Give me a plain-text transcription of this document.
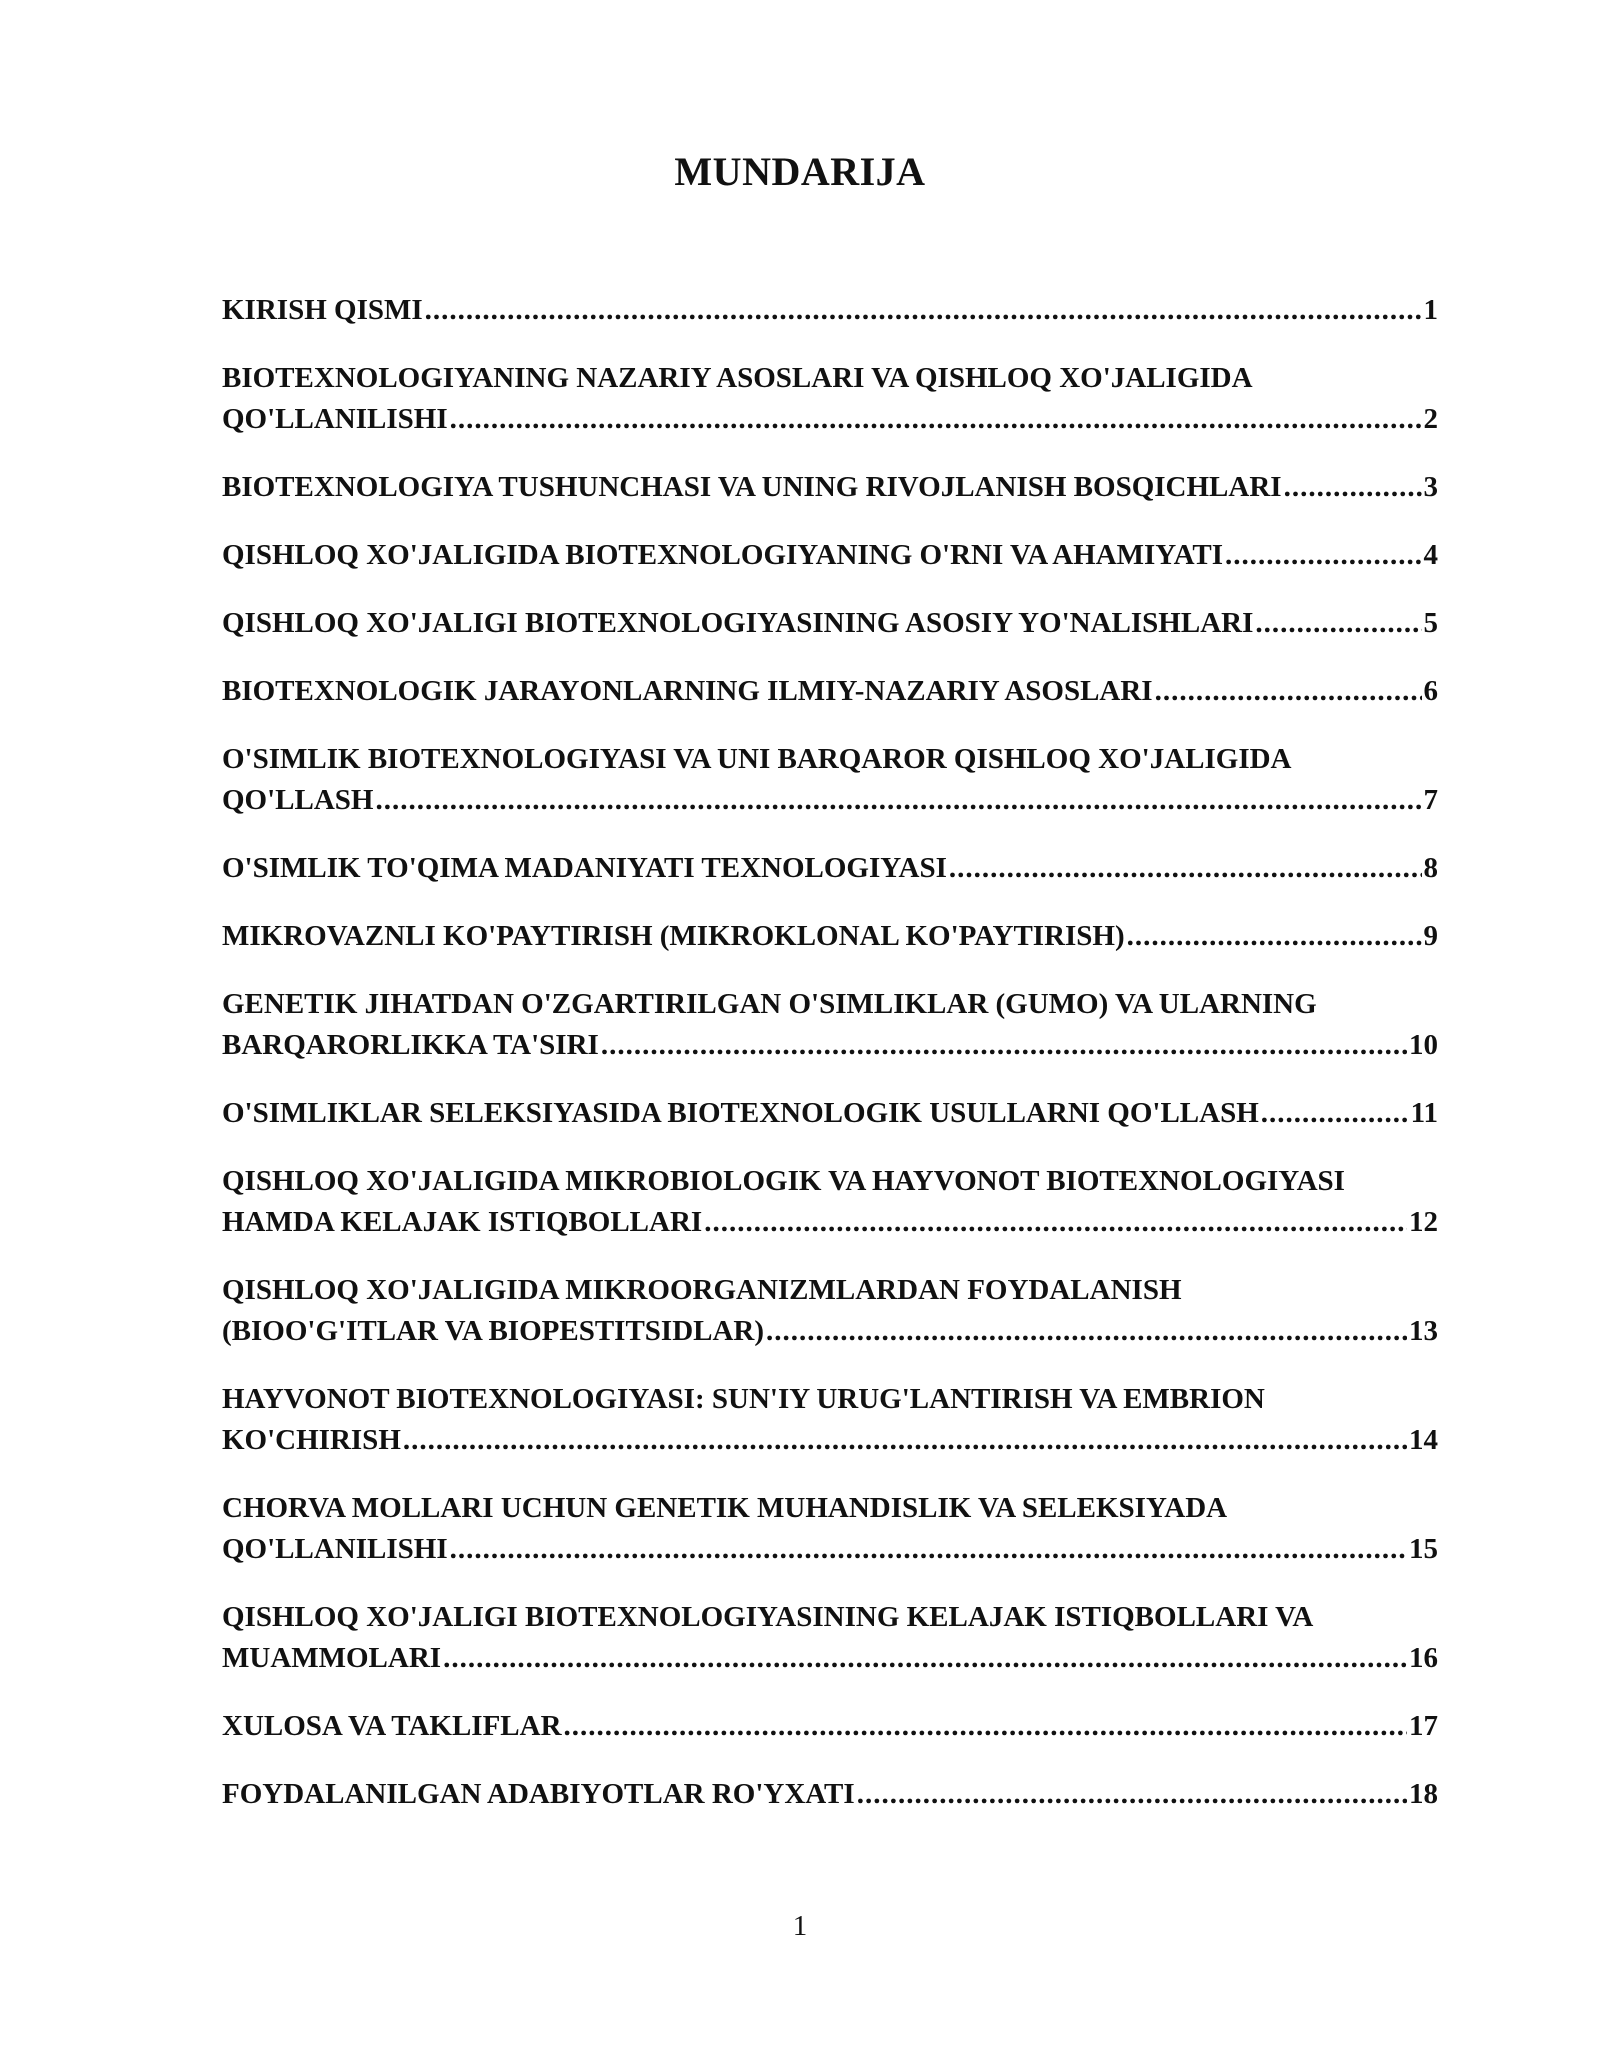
MUNDARIJA
KIRISH QISMI .....	1
BIOTEXNOLOGIYANING NAZARIY ASOSLARI VA QISHLOQ XO'JALIGIDA
QO'LLANILISHI .....	2
BIOTEXNOLOGIYA TUSHUNCHASI VA UNING RIVOJLANISH BOSQICHLARI .....	3
QISHLOQ XO'JALIGIDA BIOTEXNOLOGIYANING O'RNI VA AHAMIYATI .....	4
QISHLOQ XO'JALIGI BIOTEXNOLOGIYASINING ASOSIY YO'NALISHLARI .....	5
BIOTEXNOLOGIK JARAYONLARNING ILMIY-NAZARIY ASOSLARI .....	6
O'SIMLIK BIOTEXNOLOGIYASI VA UNI BARQAROR QISHLOQ XO'JALIGIDA
QO'LLASH .....	7
O'SIMLIK TO'QIMA MADANIYATI TEXNOLOGIYASI .....	8
MIKROVAZNLI KO'PAYTIRISH (MIKROKLONAL KO'PAYTIRISH) .....	9
GENETIK JIHATDAN O'ZGARTIRILGAN O'SIMLIKLAR (GUMO) VA ULARNING
BARQARORLIKKA TA'SIRI .....	10
O'SIMLIKLAR SELEKSIYASIDA BIOTEXNOLOGIK USULLARNI QO'LLASH .....	11
QISHLOQ XO'JALIGIDA MIKROBIOLOGIK VA HAYVONOT BIOTEXNOLOGIYASI
HAMDA KELAJAK ISTIQBOLLARI .....	12
QISHLOQ XO'JALIGIDA MIKROORGANIZMLARDAN FOYDALANISH
(BIOO'G'ITLAR VA BIOPESTITSIDLAR) .....	13
HAYVONOT BIOTEXNOLOGIYASI: SUN'IY URUG'LANTIRISH VA EMBRION
KO'CHIRISH .....	14
CHORVA MOLLARI UCHUN GENETIK MUHANDISLIK VA SELEKSIYADA
QO'LLANILISHI .....	15
QISHLOQ XO'JALIGI BIOTEXNOLOGIYASINING KELAJAK ISTIQBOLLARI VA
MUAMMOLARI .....	16
XULOSA VA TAKLIFLAR .....	17
FOYDALANILGAN ADABIYOTLAR RO'YXATI .....	18
1
